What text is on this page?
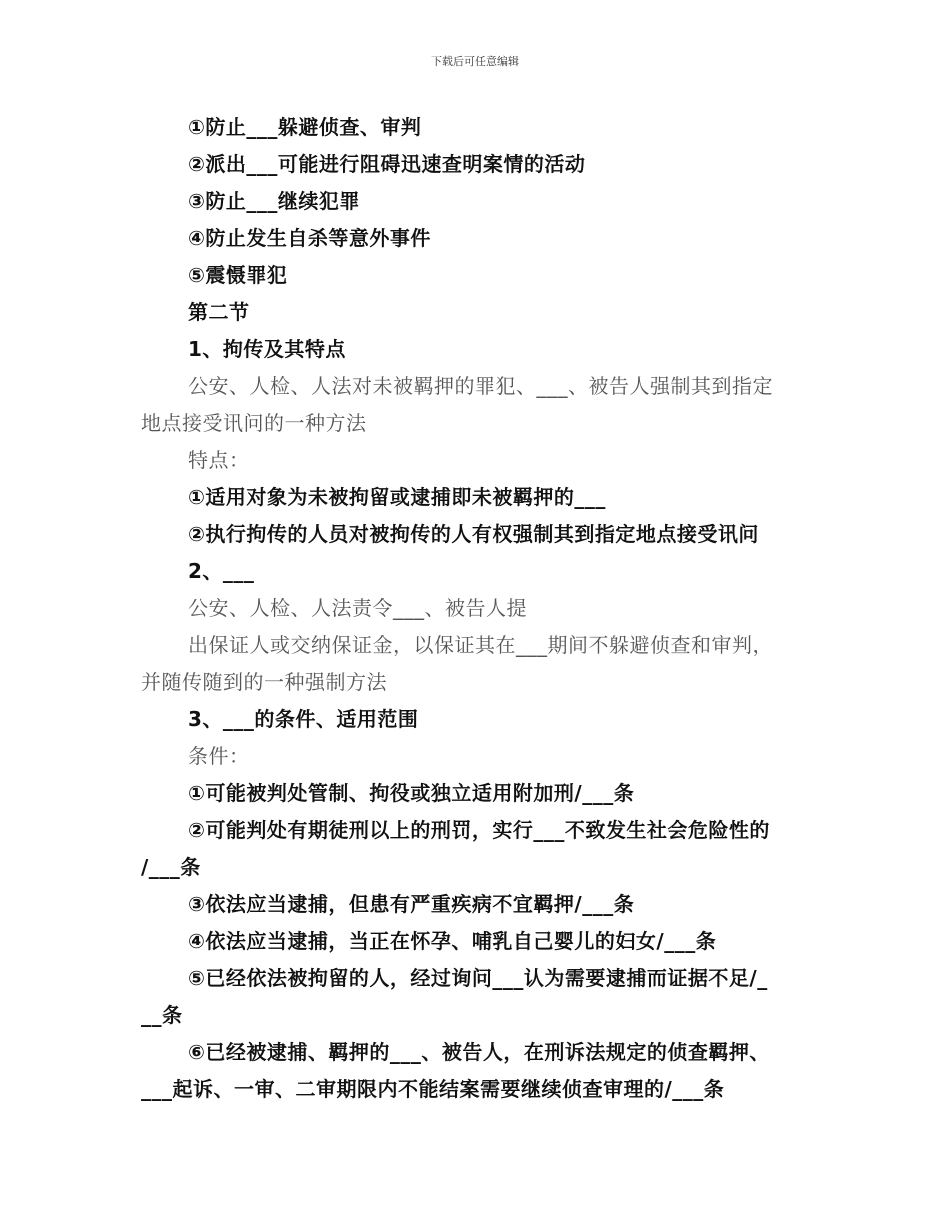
下载后可任意编辑
①防止___躲避侦查、审判
②派出___可能进行阻碍迅速查明案情的活动
③防止___继续犯罪
④防止发生自杀等意外事件
⑤震慑罪犯
第二节
1、拘传及其特点
公安、人检、人法对未被羁押的罪犯、___、被告人强制其到指定
地点接受讯问的一种方法
特点：
①适用对象为未被拘留或逮捕即未被羁押的___
②执行拘传的人员对被拘传的人有权强制其到指定地点接受讯问
2、___
公安、人检、人法责令___、被告人提
出保证人或交纳保证金，以保证其在___期间不躲避侦查和审判，
并随传随到的一种强制方法
3、___的条件、适用范围
条件：
①可能被判处管制、拘役或独立适用附加刑/___条
②可能判处有期徒刑以上的刑罚，实行___不致发生社会危险性的
/___条
③依法应当逮捕，但患有严重疾病不宜羁押/___条
④依法应当逮捕，当正在怀孕、哺乳自己婴儿的妇女/___条
⑤已经依法被拘留的人，经过询问___认为需要逮捕而证据不足/_
__条
⑥已经被逮捕、羁押的___、被告人，在刑诉法规定的侦查羁押、
___起诉、一审、二审期限内不能结案需要继续侦查审理的/___条
